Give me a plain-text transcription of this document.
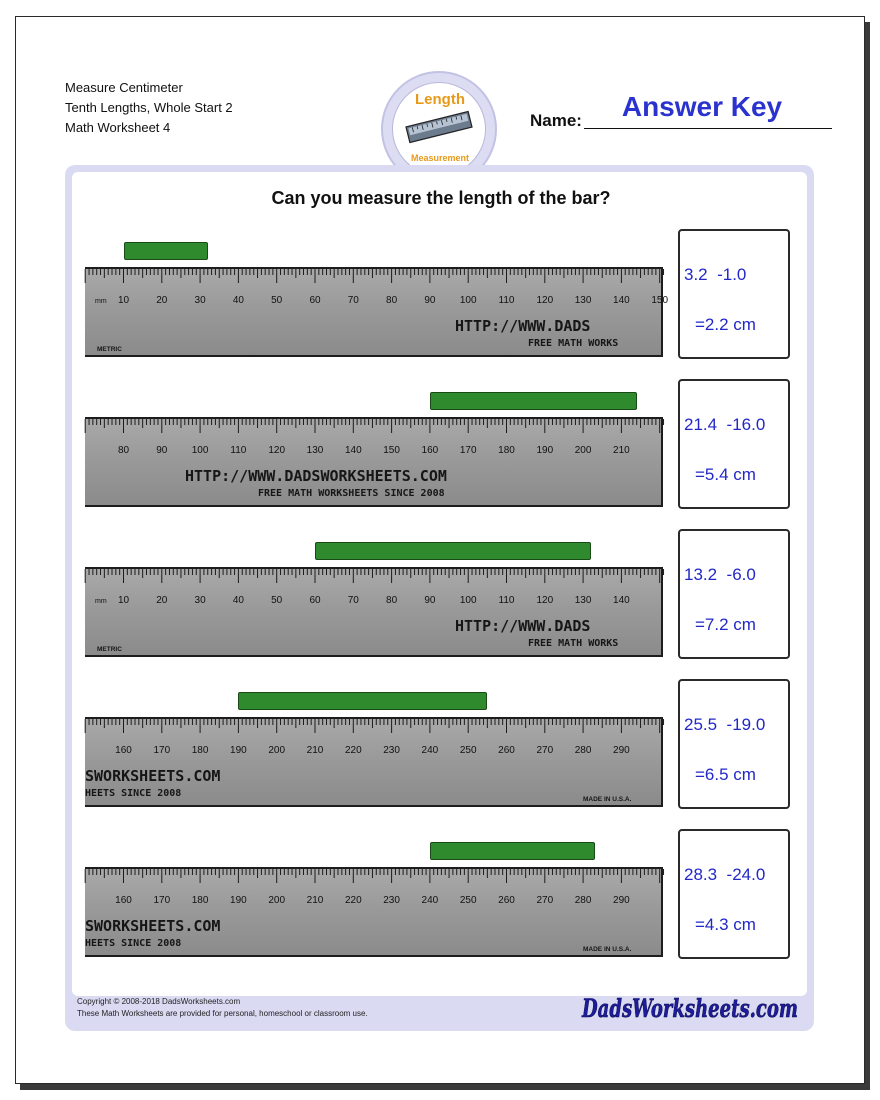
Measure Centimeter
Tenth Lengths, Whole Start 2
Math Worksheet 4
Length
Measurement
Answer Key
Name:
Can you measure the length of the bar?
10	20	30	40	50	60	70	80	90 100 110 120 130 140 150
mm
HTTP://WWW.DADS
FREE MATH WORKS
METRIC
3.2  -1.0
=2.2 cm
80	90 100 110 120 130 140 150 160 170 180 190 200 210
HTTP://WWW.DADSWORKSHEETS.COM
FREE MATH WORKSHEETS SINCE 2008
21.4  -16.0
=5.4 cm
10	20	30	40	50	60	70	80	90 100 110 120 130 140
mm
HTTP://WWW.DADS
FREE MATH WORKS
METRIC
13.2  -6.0
=7.2 cm
160 170 180 190 200 210 220 230 240 250 260 270 280 290
SWORKSHEETS.COM
HEETS SINCE 2008
MADE IN U.S.A.
25.5  -19.0
=6.5 cm
160 170 180 190 200 210 220 230 240 250 260 270 280 290
SWORKSHEETS.COM
HEETS SINCE 2008
MADE IN U.S.A.
28.3  -24.0
=4.3 cm
Copyright © 2008-2018 DadsWorksheets.com
These Math Worksheets are provided for personal, homeschool or classroom use.	DadsWorksheets.com
